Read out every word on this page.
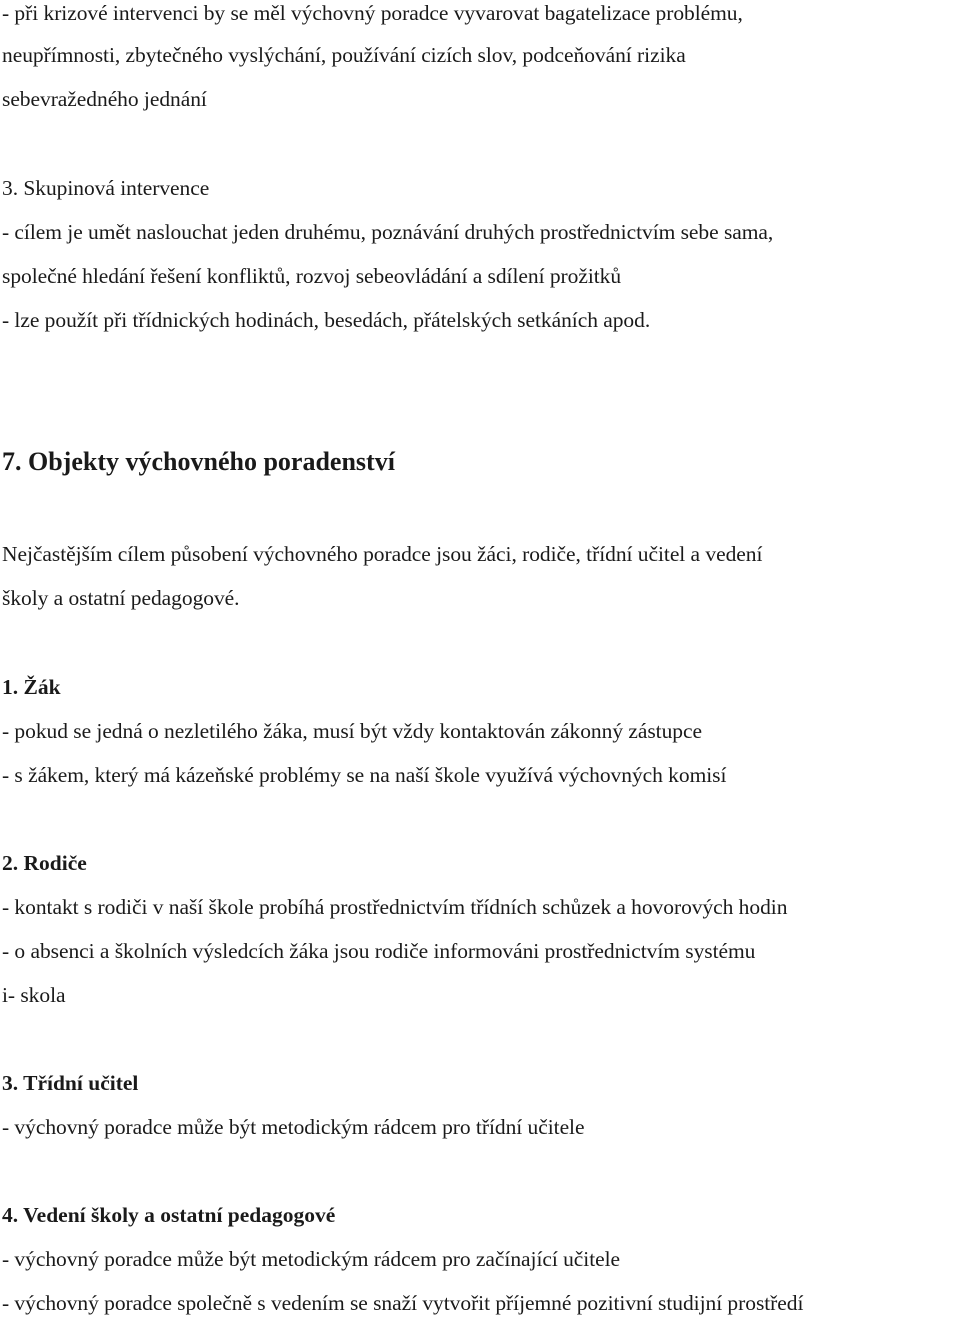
- při krizové intervenci by se měl výchovný poradce vyvarovat bagatelizace problému,
neupřímnosti, zbytečného vyslýchání, používání cizích slov, podceňování rizika
sebevražedného jednání
3. Skupinová intervence
- cílem je umět naslouchat jeden druhému, poznávání druhých prostřednictvím sebe sama,
společné hledání řešení konfliktů, rozvoj sebeovládání a sdílení prožitků
- lze použít při třídnických hodinách, besedách, přátelských setkáních apod.
7. Objekty výchovného poradenství
Nejčastějším cílem působení výchovného poradce jsou žáci, rodiče, třídní učitel a vedení
školy a ostatní pedagogové.
1. Žák
- pokud se jedná o nezletilého žáka, musí být vždy kontaktován zákonný zástupce
- s žákem, který má kázeňské problémy se na naší škole využívá výchovných komisí
2. Rodiče
- kontakt s rodiči v naší škole probíhá prostřednictvím třídních schůzek a hovorových hodin
- o absenci a školních výsledcích žáka jsou rodiče informováni prostřednictvím systému
i- skola
3. Třídní učitel
- výchovný poradce může být metodickým rádcem pro třídní učitele
4. Vedení školy a ostatní pedagogové
- výchovný poradce může být metodickým rádcem pro začínající učitele
- výchovný poradce společně s vedením se snaží vytvořit příjemné pozitivní studijní prostředí
